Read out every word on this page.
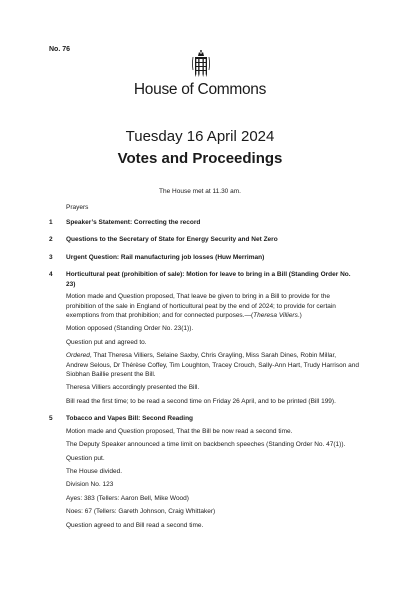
No. 76
House of Commons
Tuesday 16 April 2024
Votes and Proceedings
The House met at 11.30 am.
Prayers
1	Speaker’s Statement: Correcting the record
2	Questions to the Secretary of State for Energy Security and Net Zero
3	Urgent Question: Rail manufacturing job losses (Huw Merriman)
4	Horticultural peat (prohibition of sale): Motion for leave to bring in a Bill (Standing Order No. 23)
Motion made and Question proposed, That leave be given to bring in a Bill to provide for the prohibition of the sale in England of horticultural peat by the end of 2024; to provide for certain exemptions from that prohibition; and for connected purposes.—(Theresa Villiers.)
Motion opposed (Standing Order No. 23(1)).
Question put and agreed to.
Ordered, That Theresa Villiers, Selaine Saxby, Chris Grayling, Miss Sarah Dines, Robin Millar, Andrew Selous, Dr Thérèse Coffey, Tim Loughton, Tracey Crouch, Sally-Ann Hart, Trudy Harrison and Siobhan Baillie present the Bill.
Theresa Villiers accordingly presented the Bill.
Bill read the first time; to be read a second time on Friday 26 April, and to be printed (Bill 199).
5	Tobacco and Vapes Bill: Second Reading
Motion made and Question proposed, That the Bill be now read a second time.
The Deputy Speaker announced a time limit on backbench speeches (Standing Order No. 47(1)).
Question put.
The House divided.
Division No. 123
Ayes: 383 (Tellers: Aaron Bell, Mike Wood)
Noes: 67 (Tellers: Gareth Johnson, Craig Whittaker)
Question agreed to and Bill read a second time.
